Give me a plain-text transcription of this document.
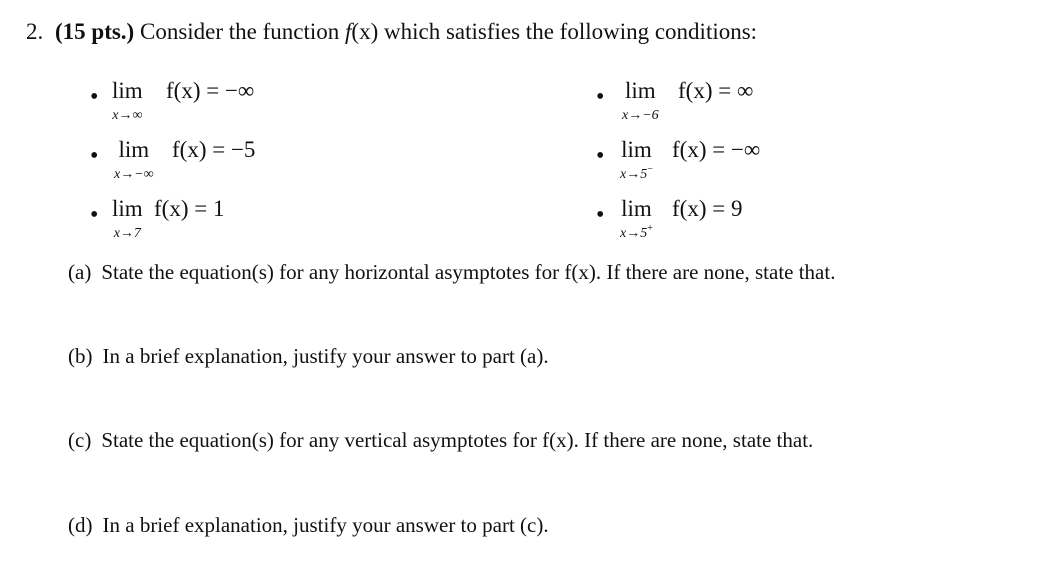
2. (15 pts.) Consider the function f(x) which satisfies the following conditions:
• lim
x→∞
f(x) = −∞	• lim
x→−6
f(x) = ∞
• lim
x→−∞
f(x) = −5	• lim
x→5−
f(x) = −∞
• lim
x→7
f(x) = 1	• lim
x→5+
f(x) = 9
(a) State the equation(s) for any horizontal asymptotes for f(x). If there are none, state that.
(b) In a brief explanation, justify your answer to part (a).
(c) State the equation(s) for any vertical asymptotes for f(x). If there are none, state that.
(d) In a brief explanation, justify your answer to part (c).
